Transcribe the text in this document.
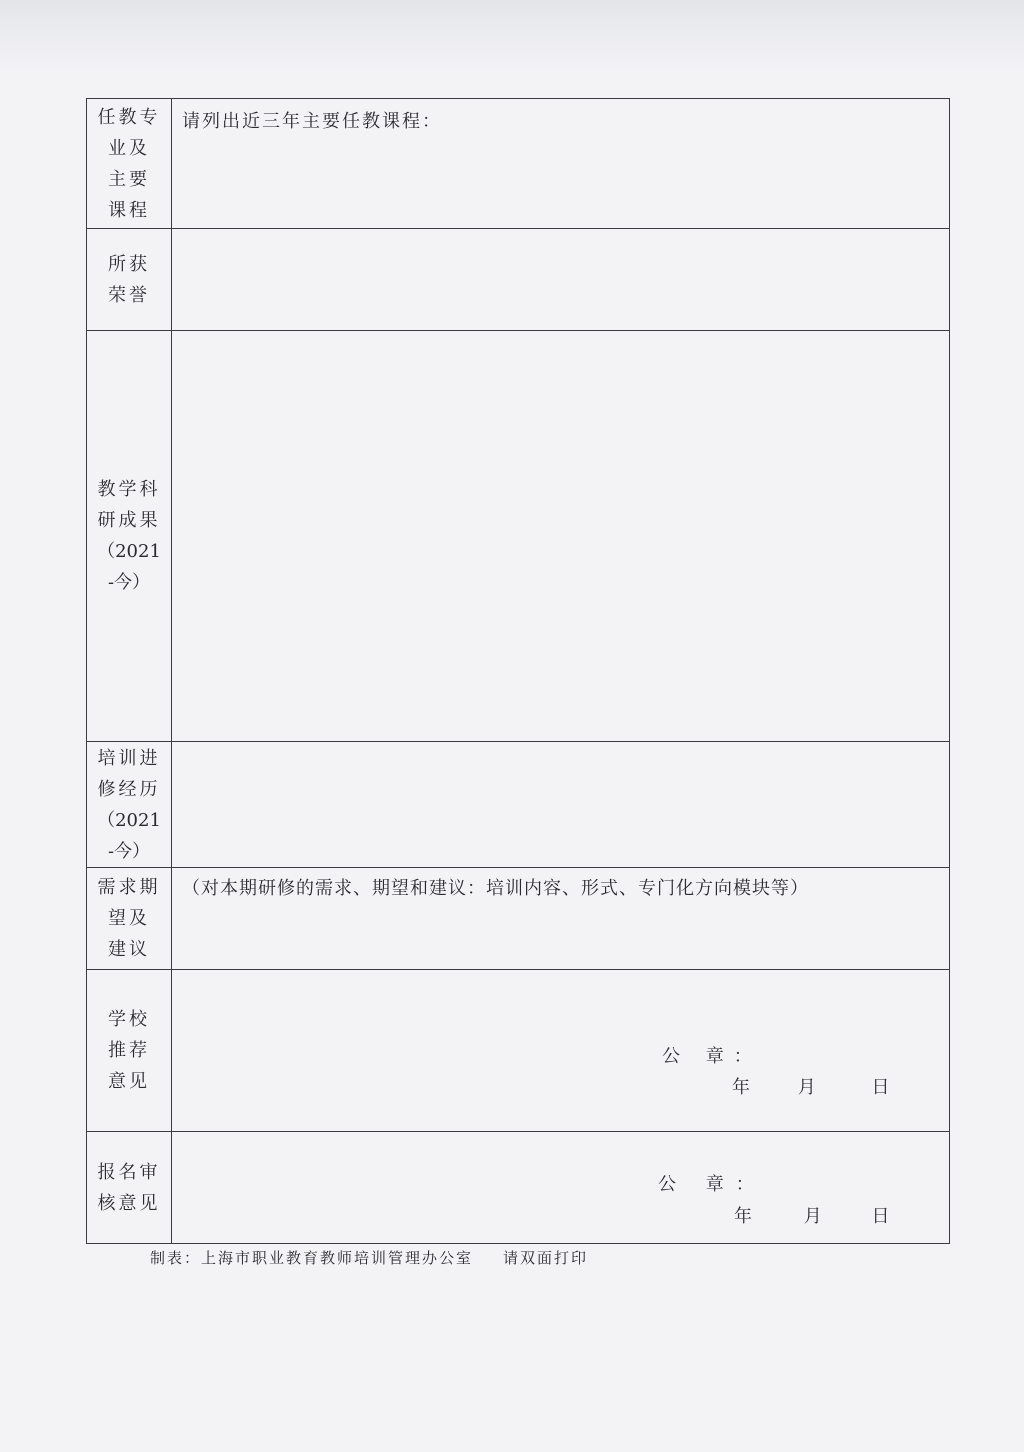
任教专
业及
主要
课程	请列出近三年主要任教课程：

所获
荣誉	

教学科
研成果
（2021
-今）	

培训进
修经历
（2021
-今）	

需求期
望及
建议	（对本期研修的需求、期望和建议：培训内容、形式、专门化方向模块等）

学校
推荐
意见	公 章：
年 月 日

报名审
核意见	公 章：
年 月 日
制表：上海市职业教育教师培训管理办公室 请双面打印
